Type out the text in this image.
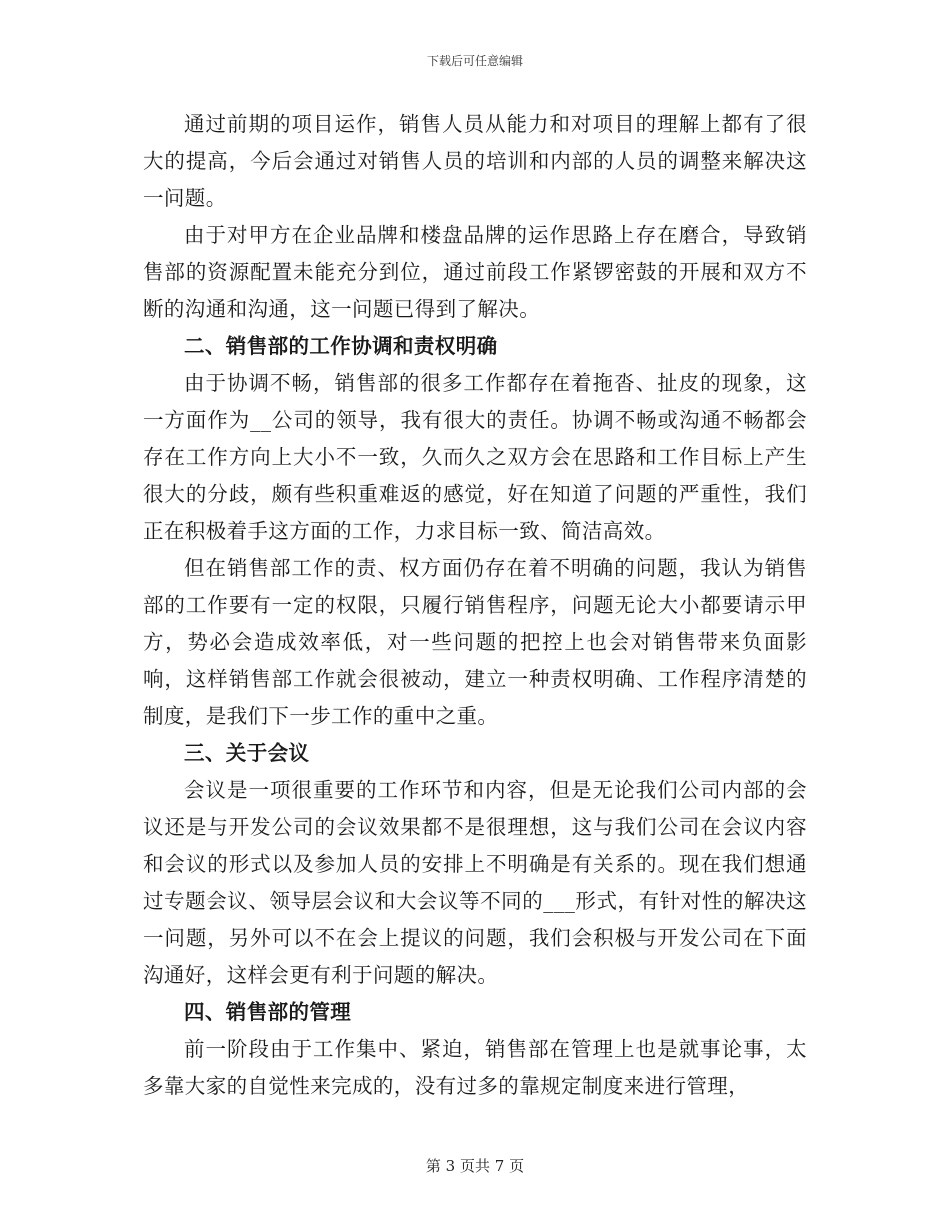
下载后可任意编辑

通过前期的项目运作，销售人员从能力和对项目的理解上都有了很大的提高，今后会通过对销售人员的培训和内部的人员的调整来解决这一问题。

由于对甲方在企业品牌和楼盘品牌的运作思路上存在磨合，导致销售部的资源配置未能充分到位，通过前段工作紧锣密鼓的开展和双方不断的沟通和沟通，这一问题已得到了解决。

二、销售部的工作协调和责权明确

由于协调不畅，销售部的很多工作都存在着拖沓、扯皮的现象，这一方面作为__公司的领导，我有很大的责任。协调不畅或沟通不畅都会存在工作方向上大小不一致，久而久之双方会在思路和工作目标上产生很大的分歧，颇有些积重难返的感觉，好在知道了问题的严重性，我们正在积极着手这方面的工作，力求目标一致、简洁高效。

但在销售部工作的责、权方面仍存在着不明确的问题，我认为销售部的工作要有一定的权限，只履行销售程序，问题无论大小都要请示甲方，势必会造成效率低，对一些问题的把控上也会对销售带来负面影响，这样销售部工作就会很被动，建立一种责权明确、工作程序清楚的制度，是我们下一步工作的重中之重。

三、关于会议

会议是一项很重要的工作环节和内容，但是无论我们公司内部的会议还是与开发公司的会议效果都不是很理想，这与我们公司在会议内容和会议的形式以及参加人员的安排上不明确是有关系的。现在我们想通过专题会议、领导层会议和大会议等不同的___形式，有针对性的解决这一问题，另外可以不在会上提议的问题，我们会积极与开发公司在下面沟通好，这样会更有利于问题的解决。

四、销售部的管理

前一阶段由于工作集中、紧迫，销售部在管理上也是就事论事，太多靠大家的自觉性来完成的，没有过多的靠规定制度来进行管理，

第 3 页共 7 页
